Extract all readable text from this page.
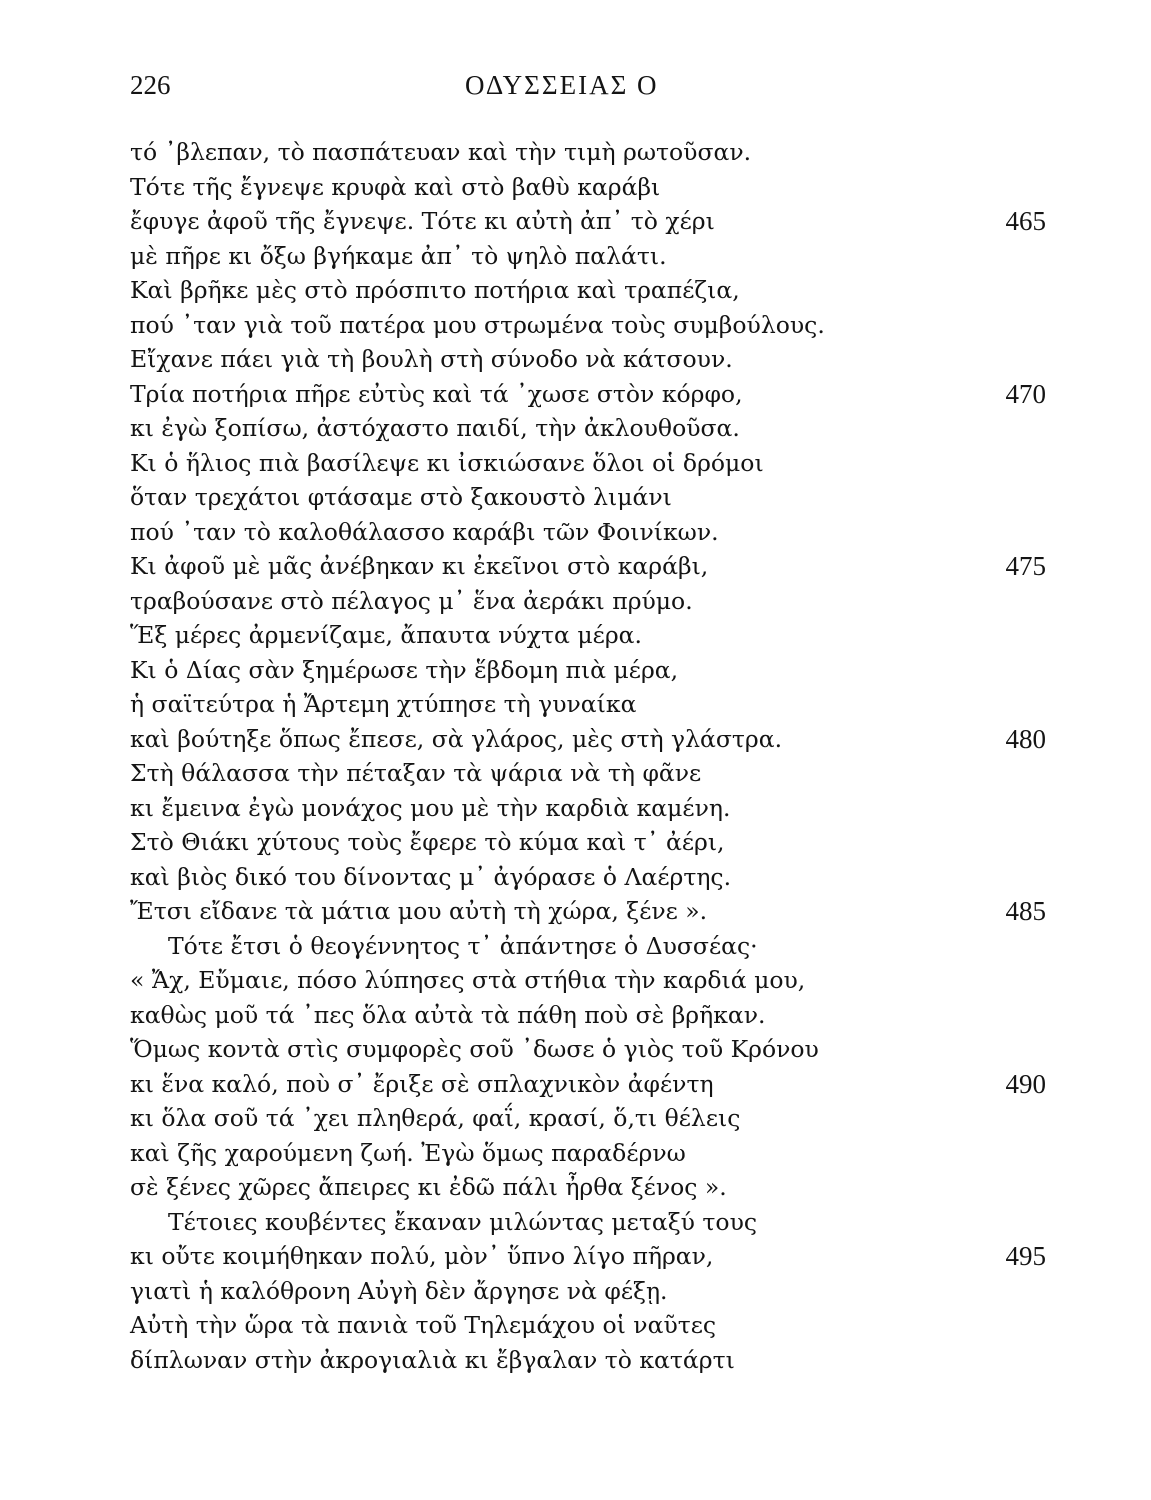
226	ΟΔΥΣΣΕΙΑΣ Ο
τό ᾽βλεπαν, τὸ πασπάτευαν καὶ τὴν τιμὴ ρωτοῦσαν.
Τότε τῆς ἔγνεψε κρυφὰ καὶ στὸ βαθὺ καράβι
ἔφυγε ἀφοῦ τῆς ἔγνεψε. Τότε κι αὐτὴ ἀπ᾽ τὸ χέρι	465
μὲ πῆρε κι ὄξω βγήκαμε ἀπ᾽ τὸ ψηλὸ παλάτι.
Καὶ βρῆκε μὲς στὸ πρόσπιτο ποτήρια καὶ τραπέζια,
πού ᾽ταν γιὰ τοῦ πατέρα μου στρωμένα τοὺς συμβούλους.
Εἴχανε πάει γιὰ τὴ βουλὴ στὴ σύνοδο νὰ κάτσουν.
Τρία ποτήρια πῆρε εὐτὺς καὶ τά ᾽χωσε στὸν κόρφο,	470
κι ἐγὼ ξοπίσω, ἀστόχαστο παιδί, τὴν ἀκλουθοῦσα.
Κι ὁ ἥλιος πιὰ βασίλεψε κι ἰσκιώσανε ὅλοι οἱ δρόμοι
ὅταν τρεχάτοι φτάσαμε στὸ ξακουστὸ λιμάνι
πού ᾽ταν τὸ καλοθάλασσο καράβι τῶν Φοινίκων.
Κι ἀφοῦ μὲ μᾶς ἀνέβηκαν κι ἐκεῖνοι στὸ καράβι,	475
τραβούσανε στὸ πέλαγος μ᾽ ἕνα ἀεράκι πρύμο.
Ἕξ μέρες ἀρμενίζαμε, ἄπαυτα νύχτα μέρα.
Κι ὁ Δίας σὰν ξημέρωσε τὴν ἕβδομη πιὰ μέρα,
ἡ σαϊτεύτρα ἡ Ἄρτεμη χτύπησε τὴ γυναίκα
καὶ βούτηξε ὅπως ἔπεσε, σὰ γλάρος, μὲς στὴ γλάστρα.	480
Στὴ θάλασσα τὴν πέταξαν τὰ ψάρια νὰ τὴ φᾶνε
κι ἔμεινα ἐγὼ μονάχος μου μὲ τὴν καρδιὰ καμένη.
Στὸ Θιάκι χύτους τοὺς ἔφερε τὸ κύμα καὶ τ᾽ ἀέρι,
καὶ βιὸς δικό του δίνοντας μ᾽ ἀγόρασε ὁ Λαέρτης.
Ἔτσι εἴδανε τὰ μάτια μου αὐτὴ τὴ χώρα, ξένε ».	485
Τότε ἔτσι ὁ θεογέννητος τ᾽ ἀπάντησε ὁ Δυσσέας·
« Ἄχ, Εὔμαιε, πόσο λύπησες στὰ στήθια τὴν καρδιά μου,
καθὼς μοῦ τά ᾽πες ὅλα αὐτὰ τὰ πάθη ποὺ σὲ βρῆκαν.
Ὅμως κοντὰ στὶς συμφορὲς σοῦ ᾽δωσε ὁ γιὸς τοῦ Κρόνου
κι ἕνα καλό, ποὺ σ᾽ ἔριξε σὲ σπλαχνικὸν ἀφέντη	490
κι ὅλα σοῦ τά ᾽χει πληθερά, φαΐ, κρασί, ὅ,τι θέλεις
καὶ ζῆς χαρούμενη ζωή. Ἐγὼ ὅμως παραδέρνω
σὲ ξένες χῶρες ἄπειρες κι ἐδῶ πάλι ἦρθα ξένος ».
Τέτοιες κουβέντες ἔκαναν μιλώντας μεταξύ τους
κι οὔτε κοιμήθηκαν πολύ, μὸν᾽ ὕπνο λίγο πῆραν,	495
γιατὶ ἡ καλόθρονη Αὐγὴ δὲν ἄργησε νὰ φέξῃ.
Αὐτὴ τὴν ὥρα τὰ πανιὰ τοῦ Τηλεμάχου οἱ ναῦτες
δίπλωναν στὴν ἀκρογιαλιὰ κι ἔβγαλαν τὸ κατάρτι
